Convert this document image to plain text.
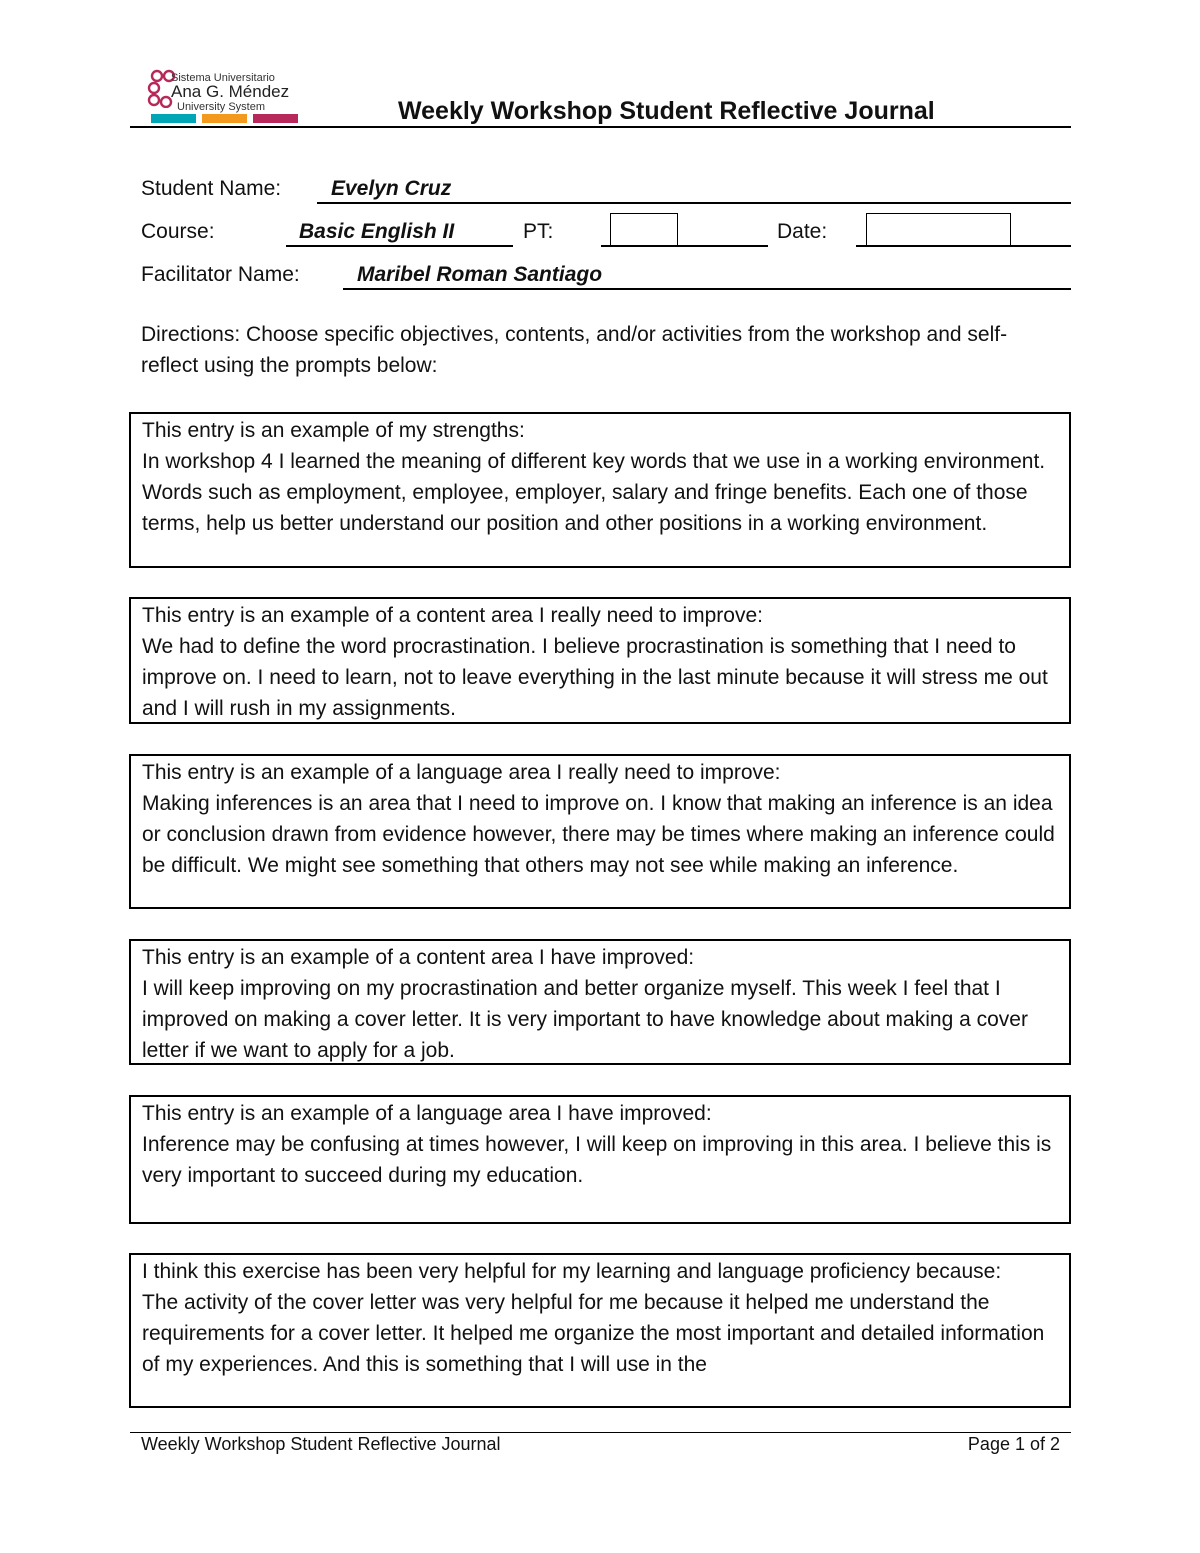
Sistema Universitario
Ana G. Méndez
University System	Weekly Workshop Student Reflective Journal
Student Name: Evelyn Cruz
Course:	Basic English II	PT:	Date:
Facilitator Name:	Maribel Roman Santiago
Directions: Choose specific objectives, contents, and/or activities from the workshop and self-reflect using the prompts below:

This entry is an example of my strengths:

In workshop 4 I learned the meaning of different key words that we use in a working environment. Words such as employment, employee, employer, salary and fringe benefits. Each one of those terms, help us better understand our position and other positions in a working environment.

This entry is an example of a content area I really need to improve:

We had to define the word procrastination. I believe procrastination is something that I need to improve on. I need to learn, not to leave everything in the last minute because it will stress me out and I will rush in my assignments.

This entry is an example of a language area I really need to improve:

Making inferences is an area that I need to improve on. I know that making an inference is an idea or conclusion drawn from evidence however, there may be times where making an inference could be difficult. We might see something that others may not see while making an inference.

This entry is an example of a content area I have improved:

I will keep improving on my procrastination and better organize myself. This week I feel that I improved on making a cover letter. It is very important to have knowledge about making a cover letter if we want to apply for a job.

This entry is an example of a language area I have improved:

Inference may be confusing at times however, I will keep on improving in this area. I believe this is very important to succeed during my education.

I think this exercise has been very helpful for my learning and language proficiency because:

The activity of the cover letter was very helpful for me because it helped me understand the requirements for a cover letter. It helped me organize the most important and detailed information of my experiences. And this is something that I will use in the

Weekly Workshop Student Reflective Journal	Page 1 of 2
